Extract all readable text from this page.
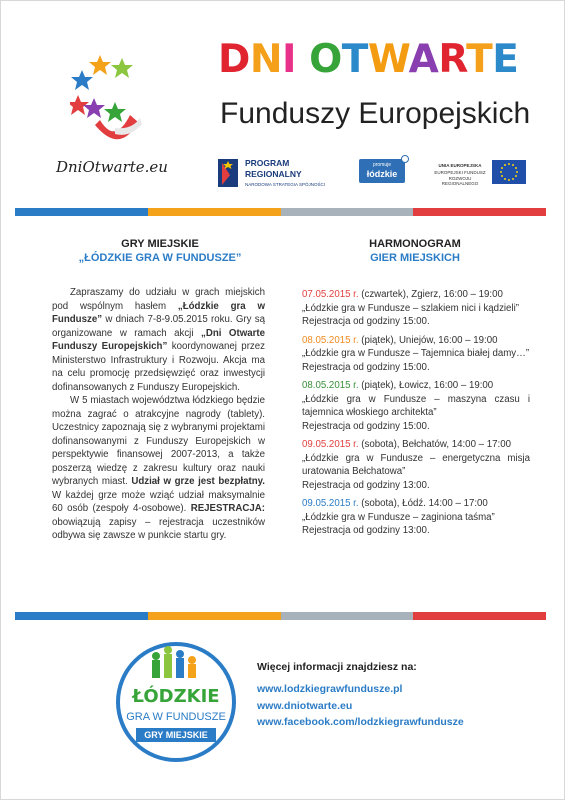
DniOtwarte.eu
DNI OTWARTE
Funduszy Europejskich
PROGRAM
REGIONALNY
NARODOWA STRATEGIA SPÓJNOŚCI
promuje
łódzkie
UNIA EUROPEJSKA
EUROPEJSKI FUNDUSZ
ROZWOJU REGIONALNEGO
GRY MIEJSKIE
„ŁÓDZKIE GRA W FUNDUSZE”

Zapraszamy do udziału w grach miejskich pod wspólnym hasłem „Łódzkie gra w Fundusze” w dniach 7-8-9.05.2015 roku. Gry są organizowane w ramach akcji „Dni Otwarte Funduszy Europejskich” koordynowanej przez Ministerstwo Infrastruktury i Rozwoju. Akcja ma na celu promocję przedsięwzięć oraz inwestycji dofinansowanych z Funduszy Europejskich.

W 5 miastach województwa łódzkiego będzie można zagrać o atrakcyjne nagrody (tablety). Uczestnicy zapoznają się z wybranymi projektami dofinansowanymi z Funduszy Europejskich w perspektywie finansowej 2007-2013, a także poszerzą wiedzę z zakresu kultury oraz nauki wybranych miast. Udział w grze jest bezpłatny. W każdej grze może wziąć udział maksymalnie 60 osób (zespoły 4-osobowe). REJESTRACJA: obowiązują zapisy – rejestracja uczestników odbywa się zawsze w punkcie startu gry.

HARMONOGRAM
GIER MIEJSKICH
07.05.2015 r. (czwartek), Zgierz, 16:00 – 19:00
„Łódzkie gra w Fundusze – szlakiem nici i kądzieli”
Rejestracja od godziny 15:00.
08.05.2015 r. (piątek), Uniejów, 16:00 – 19:00
„Łódzkie gra w Fundusze – Tajemnica białej damy…”
Rejestracja od godziny 15:00.
08.05.2015 r. (piątek), Łowicz, 16:00 – 19:00
„Łódzkie gra w Fundusze – maszyna czasu i tajemnica włoskiego architekta”
Rejestracja od godziny 15:00.
09.05.2015 r. (sobota), Bełchatów, 14:00 – 17:00
„Łódzkie gra w Fundusze – energetyczna misja uratowania Bełchatowa”
Rejestracja od godziny 13:00.
09.05.2015 r. (sobota), Łódź. 14:00 – 17:00
„Łódzkie gra w Fundusze – zaginiona taśma”
Rejestracja od godziny 13:00.
ŁÓDZKIE
GRA W FUNDUSZE
GRY MIEJSKIE
Więcej informacji znajdziesz na:
www.lodzkiegrawfundusze.pl
www.dniotwarte.eu
www.facebook.com/lodzkiegrawfundusze
